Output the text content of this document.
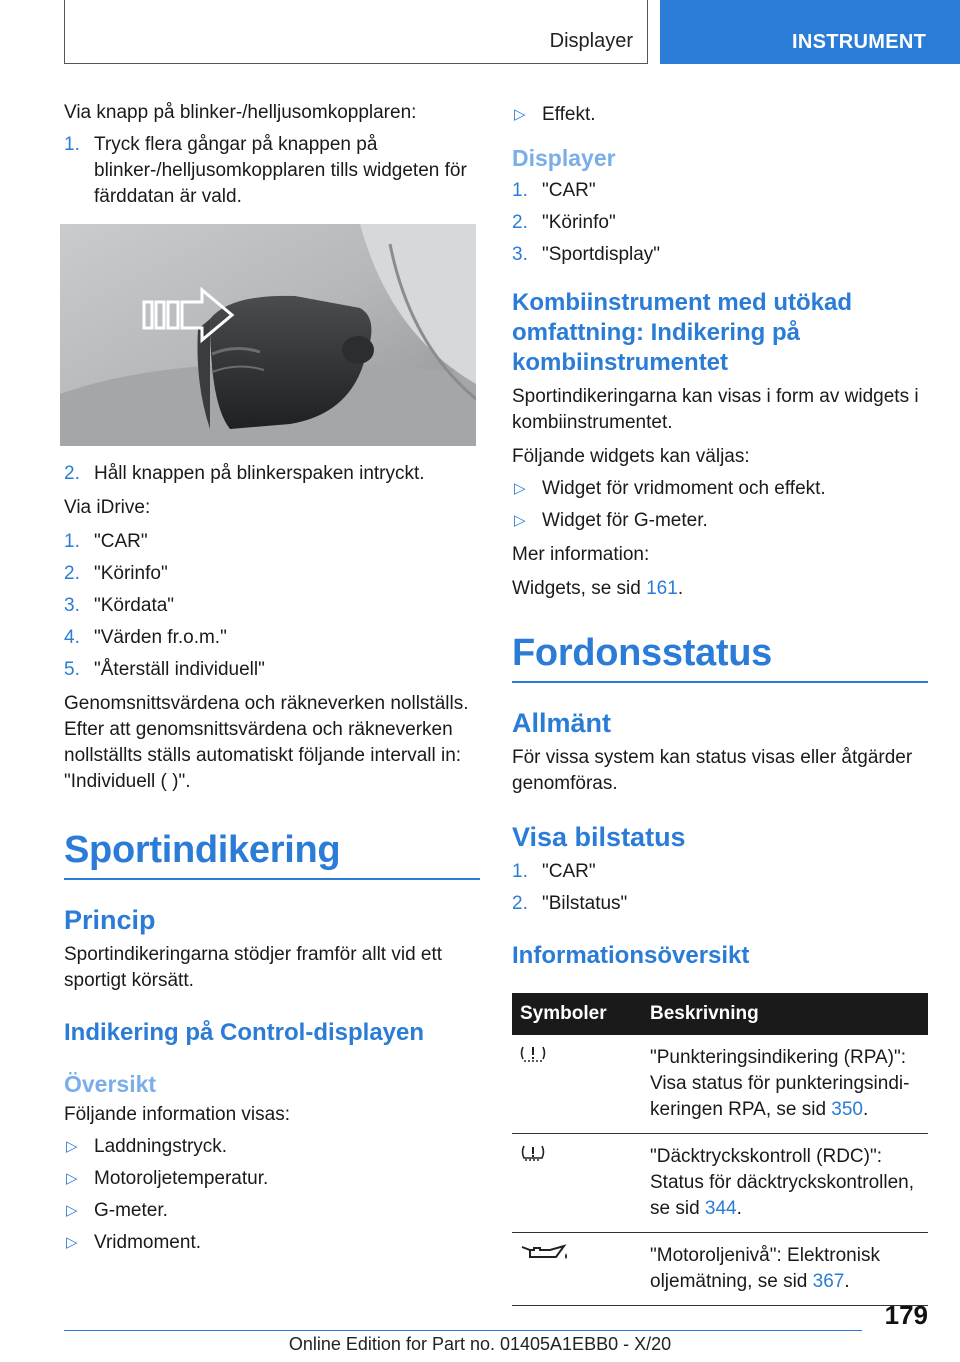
Displayer	INSTRUMENT

Via knapp på blinker-/helljusomkopplaren:

1. Tryck flera gångar på knappen på blinker-/helljusomkopplaren tills widgeten för färddatan är vald.
2. Håll knappen på blinkerspaken intryckt.

Via iDrive:

1. "CAR"
2. "Körinfo"
3. "Kördata"
4. "Värden fr.o.m."
5. "Återställ individuell"

Genomsnittsvärdena och räkneverken nollställs. Efter att genomsnittsvärdena och räkneverken nollställts ställs automatiskt följande intervall in: "Individuell ( )".

Sportindikering
Princip

Sportindikeringarna stödjer framför allt vid ett sportigt körsätt.

Indikering på Control-displayen
Översikt

Följande information visas:

▷ Laddningstryck.
▷ Motoroljetemperatur.
▷ G-meter.
▷ Vridmoment.
▷ Effekt.
Displayer
1. "CAR"
2. "Körinfo"
3. "Sportdisplay"
Kombiinstrument med utökad omfattning: Indikering på kombiinstrumentet

Sportindikeringarna kan visas i form av widgets i kombiinstrumentet.

Följande widgets kan väljas:

▷ Widget för vridmoment och effekt.
▷ Widget för G-meter.

Mer information:

Widgets, se sid 161.

Fordonsstatus
Allmänt

För vissa system kan status visas eller åtgärder genomföras.

Visa bilstatus
1. "CAR"
2. "Bilstatus"
Informationsöversikt
Symboler	Beskrivning
	"Punkteringsindikering (RPA)": Visa status för punkteringsindikeringen RPA, se sid 350.
	"Däcktryckskontroll (RDC)": Status för däcktryckskontrollen, se sid 344.
	"Motoroljenivå": Elektronisk oljemätning, se sid 367.
179
Online Edition for Part no. 01405A1EBB0 - X/20
